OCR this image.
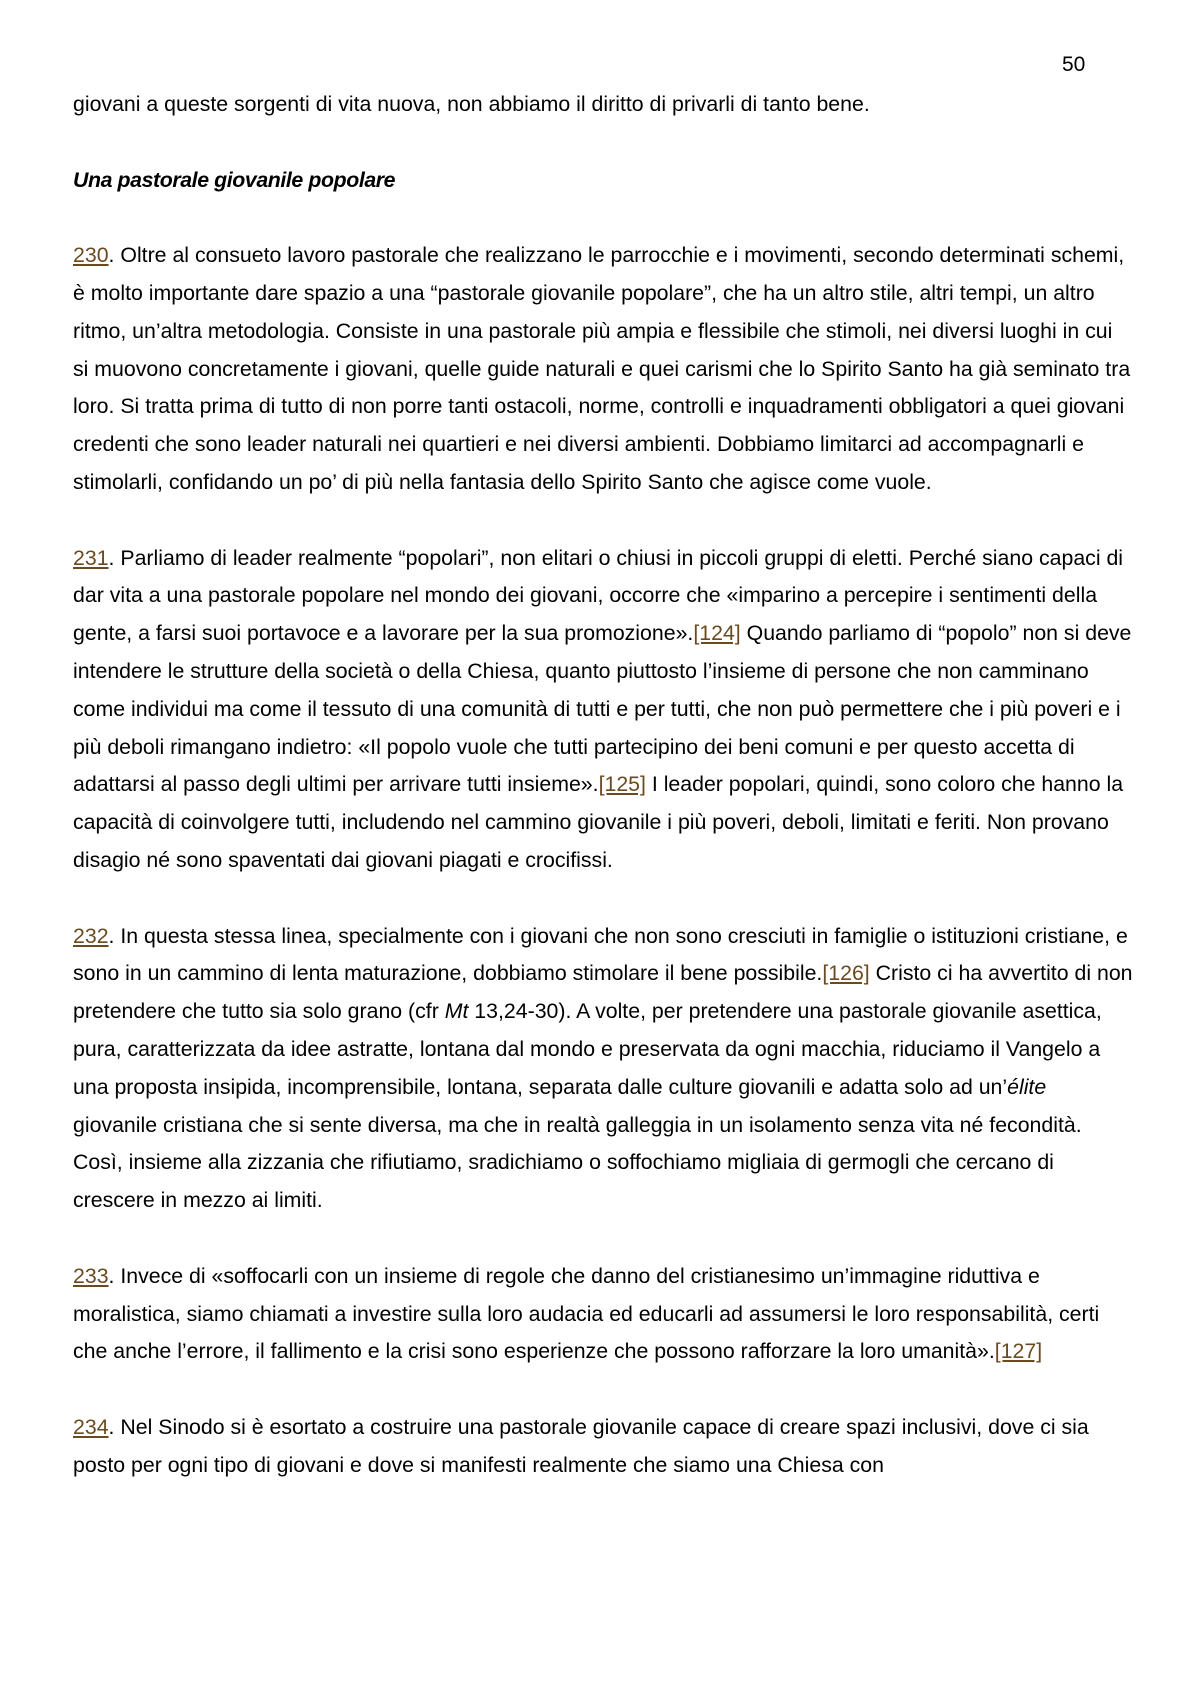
50

giovani a queste sorgenti di vita nuova, non abbiamo il diritto di privarli di tanto bene.

Una pastorale giovanile popolare

230. Oltre al consueto lavoro pastorale che realizzano le parrocchie e i movimenti, secondo determinati schemi, è molto importante dare spazio a una “pastorale giovanile popolare”, che ha un altro stile, altri tempi, un altro ritmo, un’altra metodologia. Consiste in una pastorale più ampia e flessibile che stimoli, nei diversi luoghi in cui si muovono concretamente i giovani, quelle guide naturali e quei carismi che lo Spirito Santo ha già seminato tra loro. Si tratta prima di tutto di non porre tanti ostacoli, norme, controlli e inquadramenti obbligatori a quei giovani credenti che sono leader naturali nei quartieri e nei diversi ambienti. Dobbiamo limitarci ad accompagnarli e stimolarli, confidando un po’ di più nella fantasia dello Spirito Santo che agisce come vuole.

231. Parliamo di leader realmente “popolari”, non elitari o chiusi in piccoli gruppi di eletti. Perché siano capaci di dar vita a una pastorale popolare nel mondo dei giovani, occorre che «imparino a percepire i sentimenti della gente, a farsi suoi portavoce e a lavorare per la sua promozione».[124] Quando parliamo di “popolo” non si deve intendere le strutture della società o della Chiesa, quanto piuttosto l’insieme di persone che non camminano come individui ma come il tessuto di una comunità di tutti e per tutti, che non può permettere che i più poveri e i più deboli rimangano indietro: «Il popolo vuole che tutti partecipino dei beni comuni e per questo accetta di adattarsi al passo degli ultimi per arrivare tutti insieme».[125] I leader popolari, quindi, sono coloro che hanno la capacità di coinvolgere tutti, includendo nel cammino giovanile i più poveri, deboli, limitati e feriti. Non provano disagio né sono spaventati dai giovani piagati e crocifissi.

232. In questa stessa linea, specialmente con i giovani che non sono cresciuti in famiglie o istituzioni cristiane, e sono in un cammino di lenta maturazione, dobbiamo stimolare il bene possibile.[126] Cristo ci ha avvertito di non pretendere che tutto sia solo grano (cfr Mt 13,24-30). A volte, per pretendere una pastorale giovanile asettica, pura, caratterizzata da idee astratte, lontana dal mondo e preservata da ogni macchia, riduciamo il Vangelo a una proposta insipida, incomprensibile, lontana, separata dalle culture giovanili e adatta solo ad un’élite giovanile cristiana che si sente diversa, ma che in realtà galleggia in un isolamento senza vita né fecondità. Così, insieme alla zizzania che rifiutiamo, sradichiamo o soffochiamo migliaia di germogli che cercano di crescere in mezzo ai limiti.

233. Invece di «soffocarli con un insieme di regole che danno del cristianesimo un’immagine riduttiva e moralistica, siamo chiamati a investire sulla loro audacia ed educarli ad assumersi le loro responsabilità, certi che anche l’errore, il fallimento e la crisi sono esperienze che possono rafforzare la loro umanità».[127]

234. Nel Sinodo si è esortato a costruire una pastorale giovanile capace di creare spazi inclusivi, dove ci sia posto per ogni tipo di giovani e dove si manifesti realmente che siamo una Chiesa con
